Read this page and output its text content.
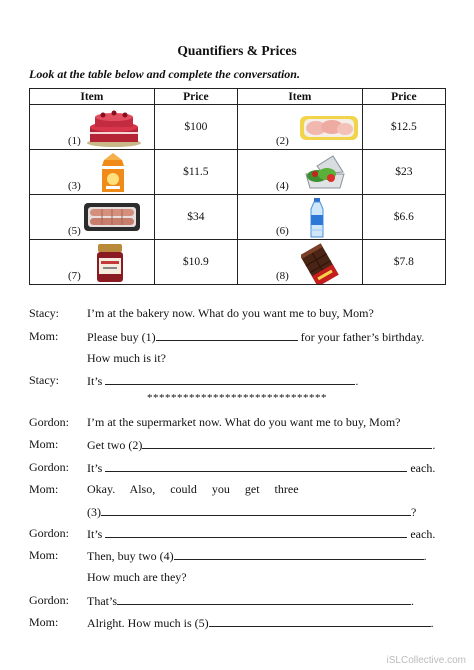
Quantifiers & Prices
Look at the table below and complete the conversation.
Item	Price	Item	Price

(1)	$100	(2)	$12.5

(3)	$11.5	(4)	$23

(5)	$34	(6)	$6.6

(7)	$10.9	(8)	$7.8
Stacy: I’m at the bakery now. What do you want me to buy, Mom?
Mom: Please buy (1)	for your father’s birthday.
How much is it?
Stacy: It’s	.
******************************
Gordon: I’m at the supermarket now. What do you want me to buy, Mom?
Mom: Get two (2)	.
Gordon: It’s	each.
Mom: Okay.     Also,     could     you     get     three
(3)	?
Gordon: It’s	each.
Mom: Then, buy two (4)	.
How much are they?
Gordon: That’s	.
Mom: Alright. How much is (5)	.
iSLCollective.com
